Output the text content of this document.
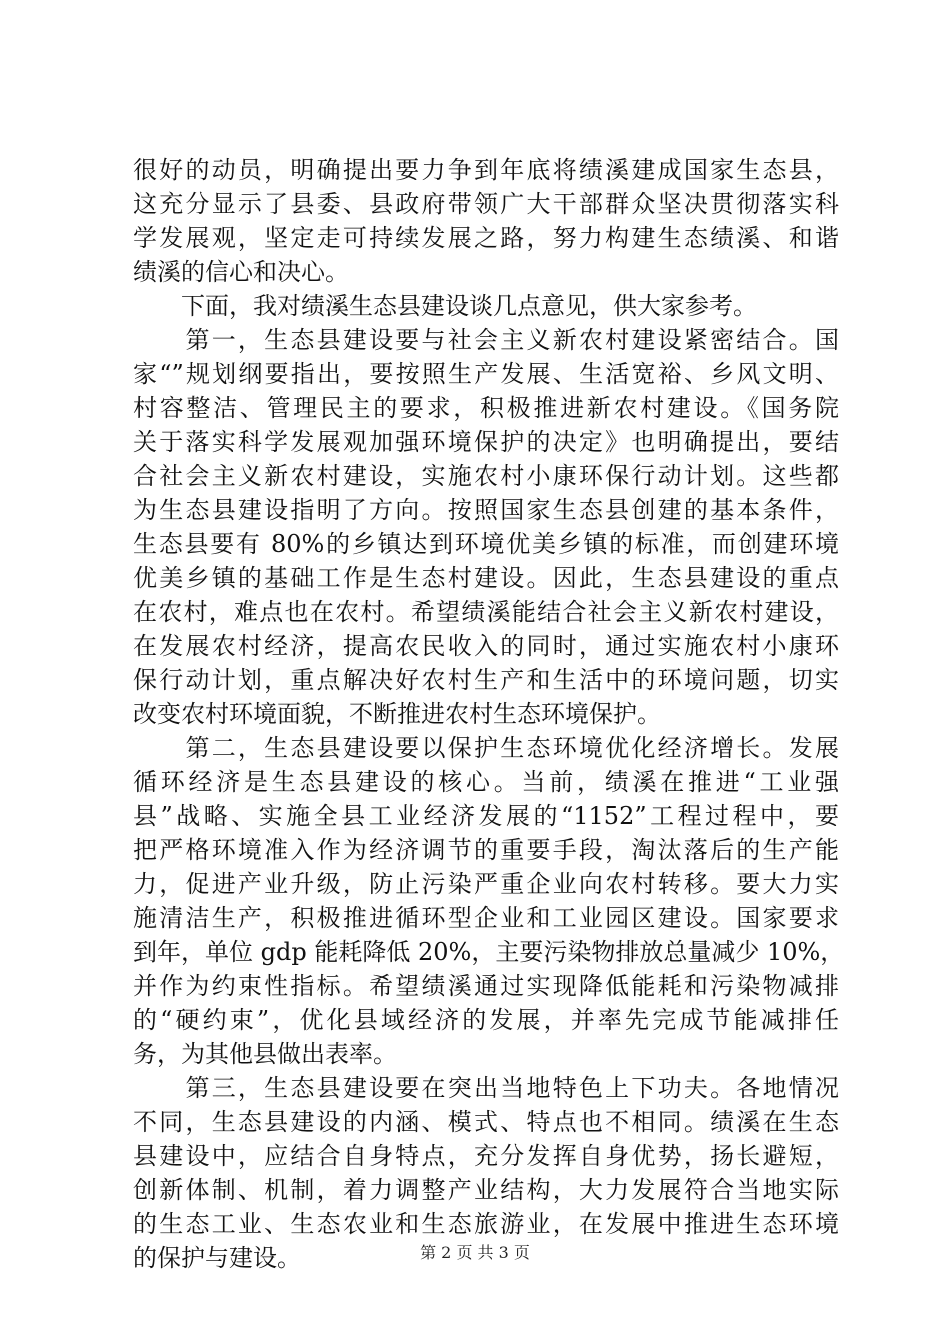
很好的动员，明确提出要力争到年底将绩溪建成国家生态县，
这充分显示了县委、县政府带领广大干部群众坚决贯彻落实科
学发展观，坚定走可持续发展之路，努力构建生态绩溪、和谐
绩溪的信心和决心。
　　下面，我对绩溪生态县建设谈几点意见，供大家参考。
　　第一，生态县建设要与社会主义新农村建设紧密结合。国
家“”规划纲要指出，要按照生产发展、生活宽裕、乡风文明、
村容整洁、管理民主的要求，积极推进新农村建设。《国务院
关于落实科学发展观加强环境保护的决定》也明确提出，要结
合社会主义新农村建设，实施农村小康环保行动计划。这些都
为生态县建设指明了方向。按照国家生态县创建的基本条件，
生态县要有 80%的乡镇达到环境优美乡镇的标准，而创建环境
优美乡镇的基础工作是生态村建设。因此，生态县建设的重点
在农村，难点也在农村。希望绩溪能结合社会主义新农村建设，
在发展农村经济，提高农民收入的同时，通过实施农村小康环
保行动计划，重点解决好农村生产和生活中的环境问题，切实
改变农村环境面貌，不断推进农村生态环境保护。
　　第二，生态县建设要以保护生态环境优化经济增长。发展
循环经济是生态县建设的核心。当前，绩溪在推进“工业强
县”战略、实施全县工业经济发展的“1152”工程过程中，要
把严格环境准入作为经济调节的重要手段，淘汰落后的生产能
力，促进产业升级，防止污染严重企业向农村转移。要大力实
施清洁生产，积极推进循环型企业和工业园区建设。国家要求
到年，单位 gdp 能耗降低 20%，主要污染物排放总量减少 10%，
并作为约束性指标。希望绩溪通过实现降低能耗和污染物减排
的“硬约束”，优化县域经济的发展，并率先完成节能减排任
务，为其他县做出表率。
　　第三，生态县建设要在突出当地特色上下功夫。各地情况
不同，生态县建设的内涵、模式、特点也不相同。绩溪在生态
县建设中，应结合自身特点，充分发挥自身优势，扬长避短，
创新体制、机制，着力调整产业结构，大力发展符合当地实际
的生态工业、生态农业和生态旅游业，在发展中推进生态环境
的保护与建设。	第 2 页 共 3 页
